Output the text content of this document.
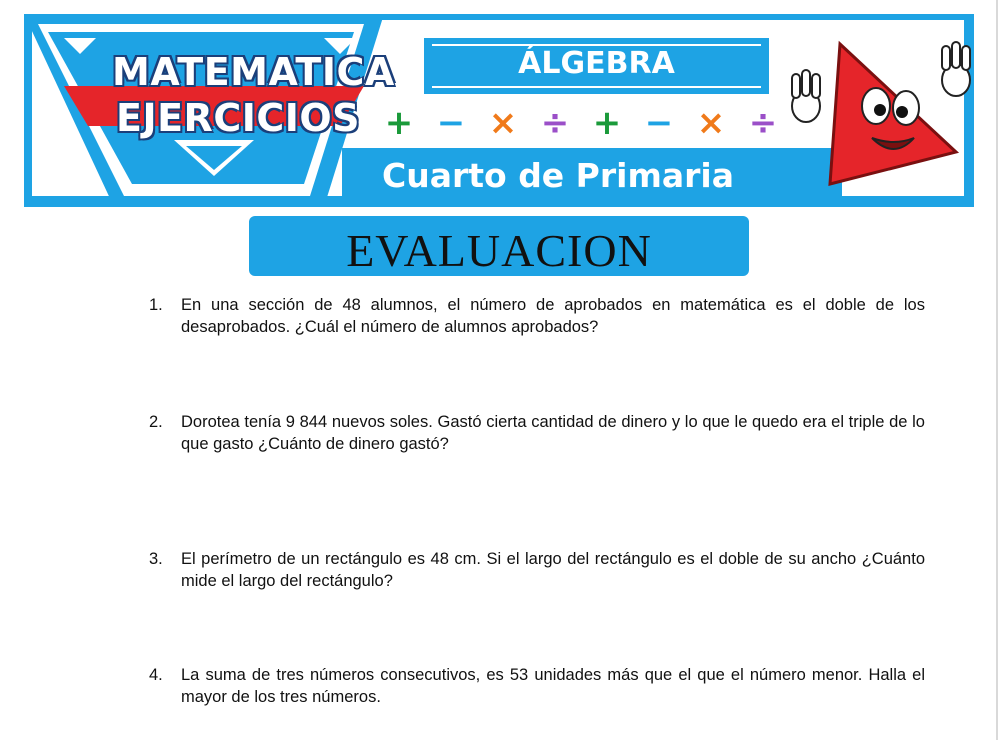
MATEMATICA
EJERCICIOS
ÁLGEBRA
+ − × ÷ + − × ÷
Cuarto de Primaria
EVALUACION
1. En una sección de 48 alumnos, el número de aprobados en matemática es el doble de los desaprobados. ¿Cuál el número de alumnos aprobados?
2. Dorotea tenía 9 844 nuevos soles. Gastó cierta cantidad de dinero y lo que le quedo era el triple de lo que gasto ¿Cuánto de dinero gastó?
3. El perímetro de un rectángulo es 48 cm. Si el largo del rectángulo es el doble de su ancho ¿Cuánto mide el largo del rectángulo?
4. La suma de tres números consecutivos, es 53 unidades más que el que el número menor. Halla el mayor de los tres números.
